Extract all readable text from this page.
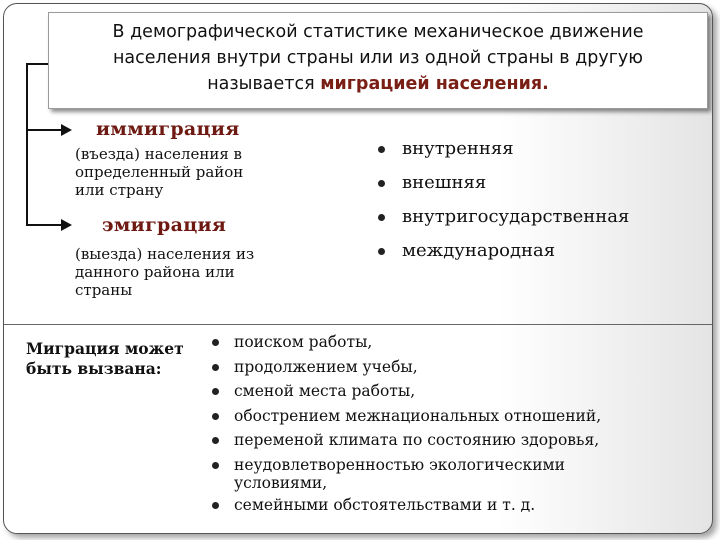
В демографической статистике механическое движение
населения внутри страны или из одной страны в другую
называется миграцией населения.
иммиграция
(въезда) населения в
определенный район
или страну
эмиграция
(выезда) населения из
данного района или
страны
внутренняя
внешняя
внутригосударственная
международная
Миграция может
быть вызвана:
поиском работы,
продолжением учебы,
сменой места работы,
обострением межнациональных отношений,
переменой климата по состоянию здоровья,
неудовлетворенностью экологическими
условиями,
семейными обстоятельствами и т. д.
